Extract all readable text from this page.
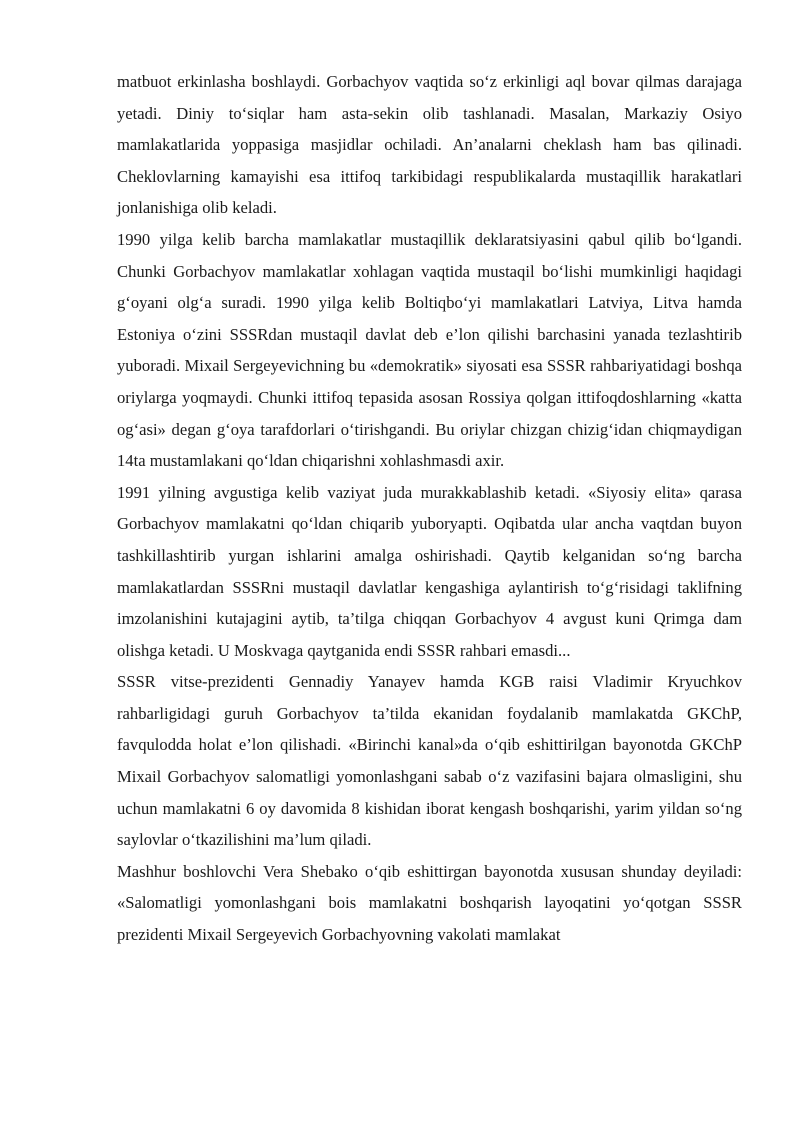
matbuot erkinlasha boshlaydi. Gorbachyov vaqtida so‘z erkinligi aql bovar qilmas darajaga yetadi. Diniy to‘siqlar ham asta-sekin olib tashlanadi. Masalan, Markaziy Osiyo mamlakatlarida yoppasiga masjidlar ochiladi. An’analarni cheklash ham bas qilinadi. Cheklovlarning kamayishi esa ittifoq tarkibidagi respublikalarda mustaqillik harakatlari jonlanishiga olib keladi.

1990 yilga kelib barcha mamlakatlar mustaqillik deklaratsiyasini qabul qilib bo‘lgandi. Chunki Gorbachyov mamlakatlar xohlagan vaqtida mustaqil bo‘lishi mumkinligi haqidagi g‘oyani olg‘a suradi. 1990 yilga kelib Boltiqbo‘yi mamlakatlari Latviya, Litva hamda Estoniya o‘zini SSSRdan mustaqil davlat deb e’lon qilishi barchasini yanada tezlashtirib yuboradi. Mixail Sergeyevichning bu «demokratik» siyosati esa SSSR rahbariyatidagi boshqa oriylarga yoqmaydi. Chunki ittifoq tepasida asosan Rossiya qolgan ittifoqdoshlarning «katta og‘asi» degan g‘oya tarafdorlari o‘tirishgandi. Bu oriylar chizgan chizig‘idan chiqmaydigan 14ta mustamlakani qo‘ldan chiqarishni xohlashmasdi axir.

1991 yilning avgustiga kelib vaziyat juda murakkablashib ketadi. «Siyosiy elita» qarasa Gorbachyov mamlakatni qo‘ldan chiqarib yuboryapti. Oqibatda ular ancha vaqtdan buyon tashkillashtirib yurgan ishlarini amalga oshirishadi. Qaytib kelganidan so‘ng barcha mamlakatlardan SSSRni mustaqil davlatlar kengashiga aylantirish to‘g‘risidagi taklifning imzolanishini kutajagini aytib, ta’tilga chiqqan Gorbachyov 4 avgust kuni Qrimga dam olishga ketadi. U Moskvaga qaytganida endi SSSR rahbari emasdi...

SSSR vitse-prezidenti Gennadiy Yanayev hamda KGB raisi Vladimir Kryuchkov rahbarligidagi guruh Gorbachyov ta’tilda ekanidan foydalanib mamlakatda GKChP, favqulodda holat e’lon qilishadi. «Birinchi kanal»da o‘qib eshittirilgan bayonotda GKChP Mixail Gorbachyov salomatligi yomonlashgani sabab o‘z vazifasini bajara olmasligini, shu uchun mamlakatni 6 oy davomida 8 kishidan iborat kengash boshqarishi, yarim yildan so‘ng saylovlar o‘tkazilishini ma’lum qiladi.

Mashhur boshlovchi Vera Shebako o‘qib eshittirgan bayonotda xususan shunday deyiladi: «Salomatligi yomonlashgani bois mamlakatni boshqarish layoqatini yo‘qotgan SSSR prezidenti Mixail Sergeyevich Gorbachyovning vakolati mamlakat
